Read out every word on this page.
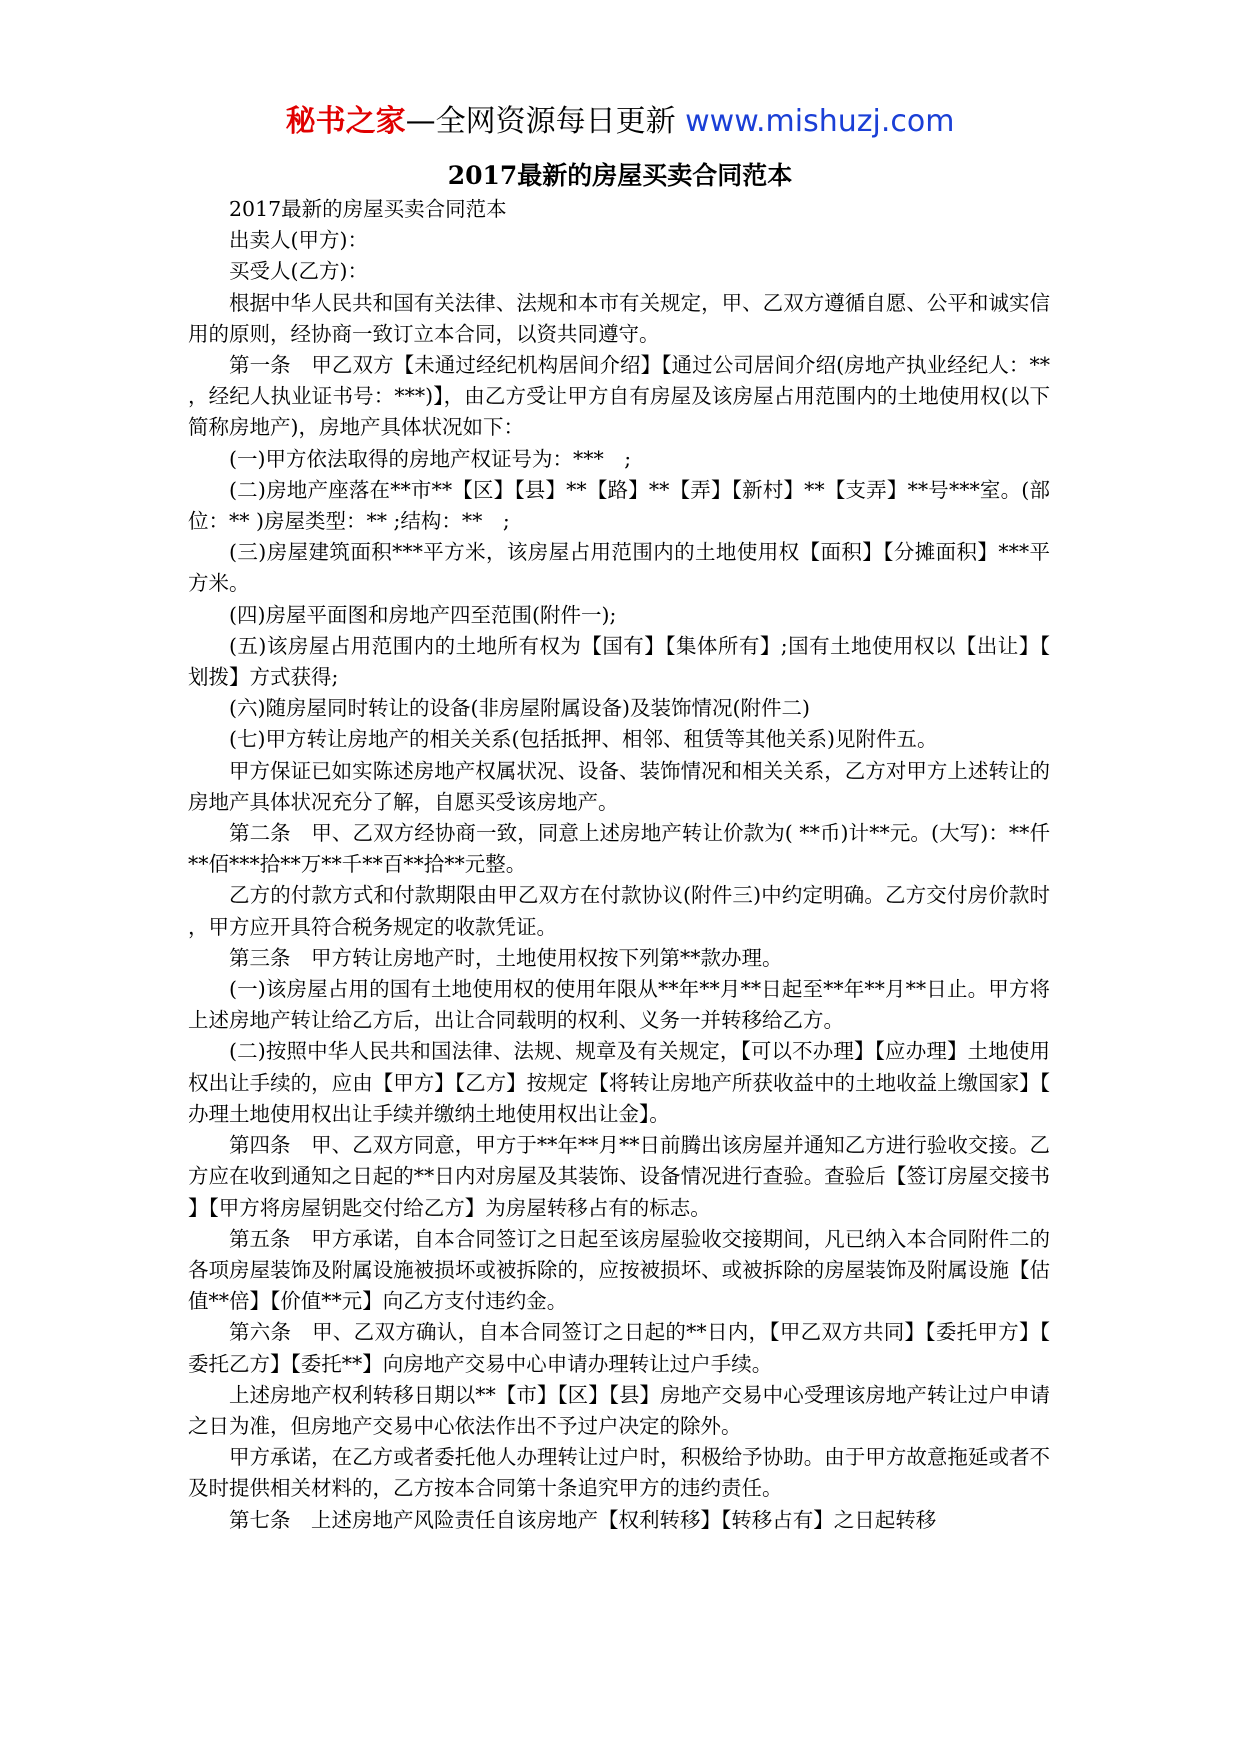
秘书之家—全网资源每日更新 www.mishuzj.com
2017最新的房屋买卖合同范本

2017最新的房屋买卖合同范本

出卖人(甲方)：

买受人(乙方)：

根据中华人民共和国有关法律、法规和本市有关规定，甲、乙双方遵循自愿、公平和诚实信用的原则，经协商一致订立本合同，以资共同遵守。

第一条　甲乙双方【未通过经纪机构居间介绍】【通过公司居间介绍(房地产执业经纪人：**，经纪人执业证书号：***)】，由乙方受让甲方自有房屋及该房屋占用范围内的土地使用权(以下简称房地产)，房地产具体状况如下：

(一)甲方依法取得的房地产权证号为：***　;

(二)房地产座落在**市**【区】【县】**【路】**【弄】【新村】**【支弄】**号***室。(部位：** )房屋类型：** ;结构：**　;

(三)房屋建筑面积***平方米，该房屋占用范围内的土地使用权【面积】【分摊面积】***平方米。

(四)房屋平面图和房地产四至范围(附件一);

(五)该房屋占用范围内的土地所有权为【国有】【集体所有】;国有土地使用权以【出让】【划拨】方式获得;

(六)随房屋同时转让的设备(非房屋附属设备)及装饰情况(附件二)

(七)甲方转让房地产的相关关系(包括抵押、相邻、租赁等其他关系)见附件五。

甲方保证已如实陈述房地产权属状况、设备、装饰情况和相关关系，乙方对甲方上述转让的房地产具体状况充分了解，自愿买受该房地产。

第二条　甲、乙双方经协商一致，同意上述房地产转让价款为( **币)计**元。(大写)：**仟**佰***拾**万**千**百**拾**元整。

乙方的付款方式和付款期限由甲乙双方在付款协议(附件三)中约定明确。乙方交付房价款时，甲方应开具符合税务规定的收款凭证。

第三条　甲方转让房地产时，土地使用权按下列第**款办理。

(一)该房屋占用的国有土地使用权的使用年限从**年**月**日起至**年**月**日止。甲方将上述房地产转让给乙方后，出让合同载明的权利、义务一并转移给乙方。

(二)按照中华人民共和国法律、法规、规章及有关规定，【可以不办理】【应办理】土地使用权出让手续的，应由【甲方】【乙方】按规定【将转让房地产所获收益中的土地收益上缴国家】【办理土地使用权出让手续并缴纳土地使用权出让金】。

第四条　甲、乙双方同意，甲方于**年**月**日前腾出该房屋并通知乙方进行验收交接。乙方应在收到通知之日起的**日内对房屋及其装饰、设备情况进行查验。查验后【签订房屋交接书】【甲方将房屋钥匙交付给乙方】为房屋转移占有的标志。

第五条　甲方承诺，自本合同签订之日起至该房屋验收交接期间，凡已纳入本合同附件二的各项房屋装饰及附属设施被损坏或被拆除的，应按被损坏、或被拆除的房屋装饰及附属设施【估值**倍】【价值**元】向乙方支付违约金。

第六条　甲、乙双方确认，自本合同签订之日起的**日内，【甲乙双方共同】【委托甲方】【委托乙方】【委托**】向房地产交易中心申请办理转让过户手续。

上述房地产权利转移日期以**【市】【区】【县】房地产交易中心受理该房地产转让过户申请之日为准，但房地产交易中心依法作出不予过户决定的除外。

甲方承诺，在乙方或者委托他人办理转让过户时，积极给予协助。由于甲方故意拖延或者不及时提供相关材料的，乙方按本合同第十条追究甲方的违约责任。

第七条　上述房地产风险责任自该房地产【权利转移】【转移占有】之日起转移
